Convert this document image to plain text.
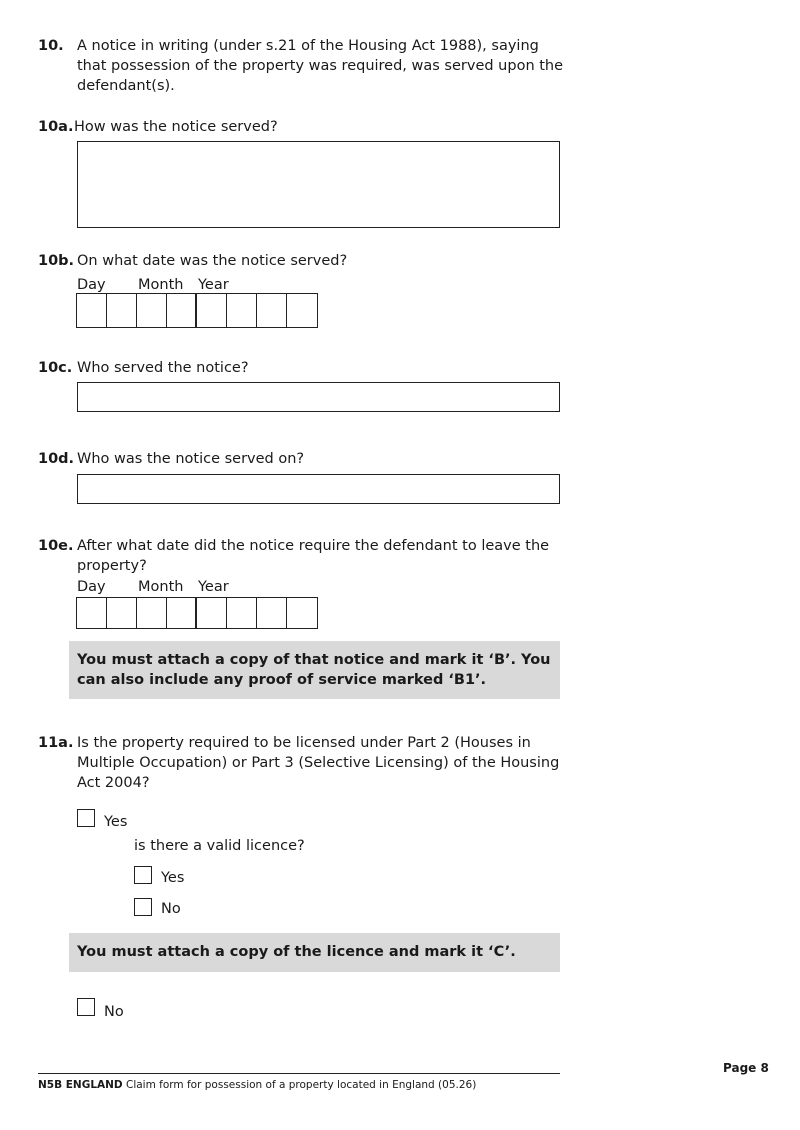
10. A notice in writing (under s.21 of the Housing Act 1988), saying that possession of the property was required, was served upon the defendant(s).
10a. How was the notice served?
10b. On what date was the notice served?
Day Month Year
10c. Who served the notice?
10d. Who was the notice served on?
10e. After what date did the notice require the defendant to leave the property?
Day Month Year
You must attach a copy of that notice and mark it ‘B’. You can also include any proof of service marked ‘B1’.
11a. Is the property required to be licensed under Part 2 (Houses in Multiple Occupation) or Part 3 (Selective Licensing) of the Housing Act 2004?
Yes
is there a valid licence?
Yes
No
You must attach a copy of the licence and mark it ‘C’.
No
Page 8
N5B ENGLAND Claim form for possession of a property located in England (05.26)
